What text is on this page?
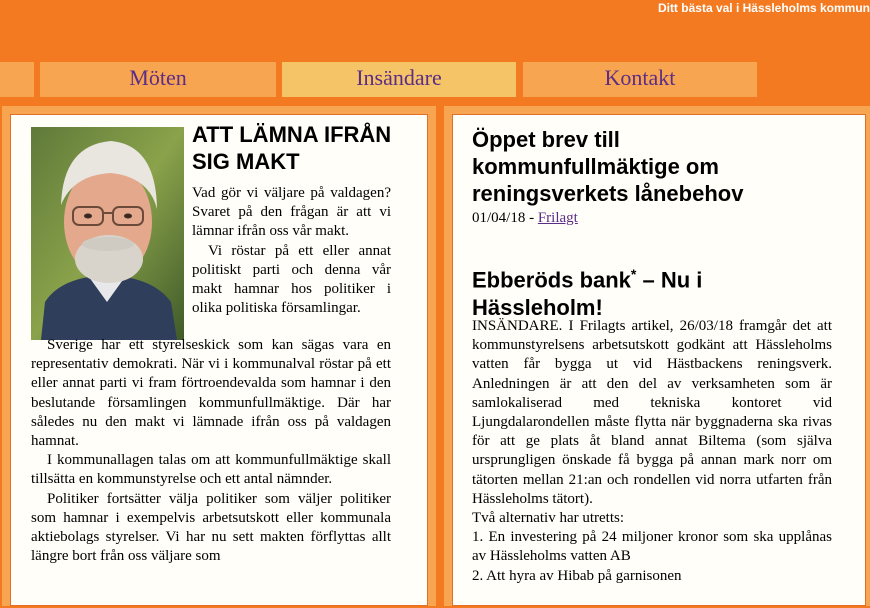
Ditt bästa val i Hässleholms kommun
Möten	Insändare	Kontakt
ATT LÄMNA IFRÅN SIG MAKT

Vad gör vi väljare på valdagen? Svaret på den frågan är att vi lämnar ifrån oss vår makt.

Vi röstar på ett eller annat politiskt parti och denna vår makt hamnar hos politiker i olika politiska församlingar.

Sverige har ett styrelseskick som kan sägas vara en representativ demokrati. När vi i kommunalval röstar på ett eller annat parti vi fram förtroendevalda som hamnar i den beslutande församlingen kommunfullmäktige. Där har således nu den makt vi lämnade ifrån oss på valdagen hamnat.

I kommunallagen talas om att kommunfullmäktige skall tillsätta en kommunstyrelse och ett antal nämnder.

Politiker fortsätter välja politiker som väljer politiker som hamnar i exempelvis arbetsutskott eller kommunala aktiebolags styrelser. Vi har nu sett makten förflyttas allt längre bort från oss väljare som

Öppet brev till kommunfullmäktige om reningsverkets lånebehov
01/04/18 - Frilagt
Ebberöds bank* – Nu i Hässleholm!

INSÄNDARE. I Frilagts artikel, 26/03/18 framgår det att kommunstyrelsens arbetsutskott godkänt att Hässleholms vatten får bygga ut vid Hästbackens reningsverk. Anledningen är att den del av verksamheten som är samlokaliserad med tekniska kontoret vid Ljungdalarondellen måste flytta när byggnaderna ska rivas för att ge plats åt bland annat Biltema (som själva ursprungligen önskade få bygga på annan mark norr om tätorten mellan 21:an och rondellen vid norra utfarten från Hässleholms tätort).

Två alternativ har utretts:

1. En investering på 24 miljoner kronor som ska upplånas av Hässleholms vatten AB

2. Att hyra av Hibab på garnisonen
